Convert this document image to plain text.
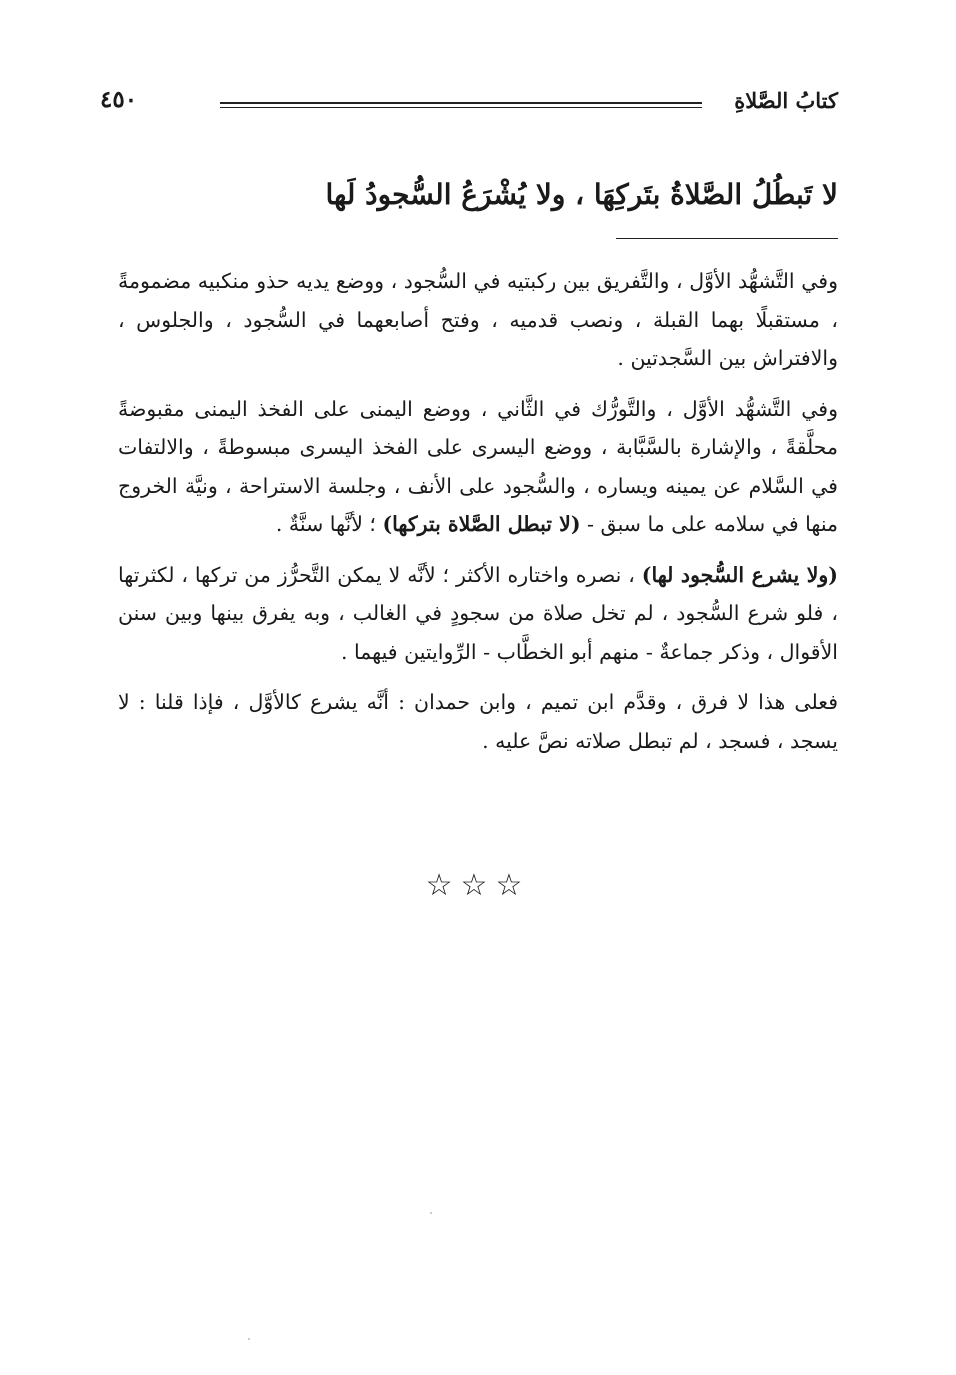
كتابُ الصَّلاةِ
٤٥٠
لا تَبطُلُ الصَّلاةُ بتَركِهَا ، ولا يُشْرَعُ السُّجودُ لَها

وفي التَّشهُّد الأوَّل ، والتَّفريق بين ركبتيه في السُّجود ، ووضع يديه حذو منكبيه مضمومةً ، مستقبلًا بهما القبلة ، ونصب قدميه ، وفتح أصابعهما في السُّجود ، والجلوس ، والافتراش بين السَّجدتين .

وفي التَّشهُّد الأوَّل ، والتَّورُّك في الثَّاني ، ووضع اليمنى على الفخذ اليمنى مقبوضةً محلَّقةً ، والإشارة بالسَّبَّابة ، ووضع اليسرى على الفخذ اليسرى مبسوطةً ، والالتفات في السَّلام عن يمينه ويساره ، والسُّجود على الأنف ، وجلسة الاستراحة ، ونيَّة الخروج منها في سلامه على ما سبق - (لا تبطل الصَّلاة بتركها) ؛ لأنَّها سنَّةٌ .

(ولا يشرع السُّجود لها) ، نصره واختاره الأكثر ؛ لأنَّه لا يمكن التَّحرُّز من تركها ، لكثرتها ، فلو شرع السُّجود ، لم تخل صلاة من سجودٍ في الغالب ، وبه يفرق بينها وبين سنن الأقوال ، وذكر جماعةٌ - منهم أبو الخطَّاب - الرِّوايتين فيهما .

فعلى هذا لا فرق ، وقدَّم ابن تميم ، وابن حمدان : أنَّه يشرع كالأوَّل ، فإذا قلنا : لا يسجد ، فسجد ، لم تبطل صلاته نصَّ عليه .

☆☆☆
